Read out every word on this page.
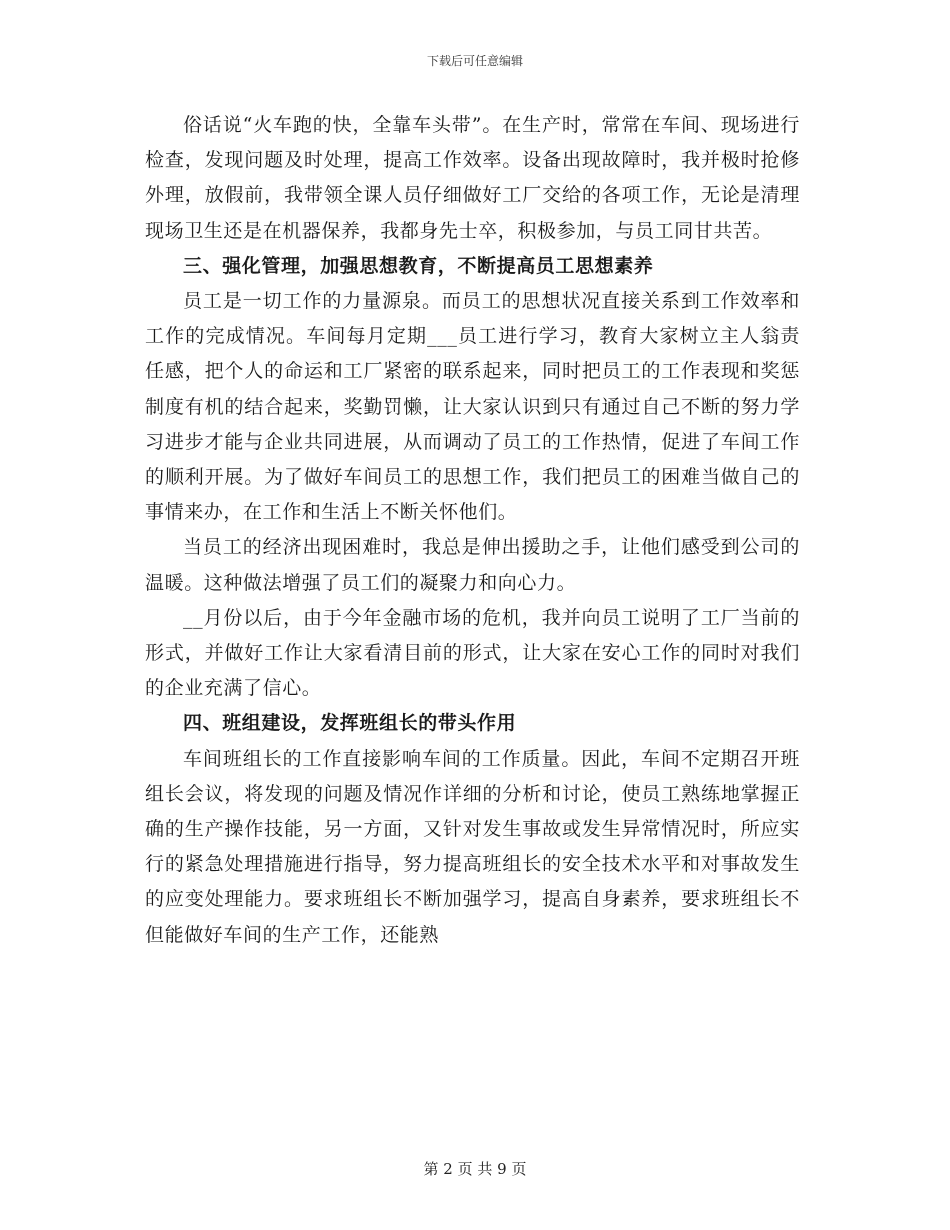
下载后可任意编辑

俗话说“火车跑的快，全靠车头带”。在生产时，常常在车间、现场进行检查，发现问题及时处理，提高工作效率。设备出现故障时，我并极时抢修外理，放假前，我带领全课人员仔细做好工厂交给的各项工作，无论是清理现场卫生还是在机器保养，我都身先士卒，积极参加，与员工同甘共苦。

三、强化管理，加强思想教育，不断提高员工思想素养

员工是一切工作的力量源泉。而员工的思想状况直接关系到工作效率和工作的完成情况。车间每月定期___员工进行学习，教育大家树立主人翁责任感，把个人的命运和工厂紧密的联系起来，同时把员工的工作表现和奖惩制度有机的结合起来，奖勤罚懒，让大家认识到只有通过自己不断的努力学习进步才能与企业共同进展，从而调动了员工的工作热情，促进了车间工作的顺利开展。为了做好车间员工的思想工作，我们把员工的困难当做自己的事情来办，在工作和生活上不断关怀他们。

当员工的经济出现困难时，我总是伸出援助之手，让他们感受到公司的温暖。这种做法增强了员工们的凝聚力和向心力。

__月份以后，由于今年金融市场的危机，我并向员工说明了工厂当前的形式，并做好工作让大家看清目前的形式，让大家在安心工作的同时对我们的企业充满了信心。

四、班组建设，发挥班组长的带头作用

车间班组长的工作直接影响车间的工作质量。因此，车间不定期召开班组长会议，将发现的问题及情况作详细的分析和讨论，使员工熟练地掌握正确的生产操作技能，另一方面，又针对发生事故或发生异常情况时，所应实行的紧急处理措施进行指导，努力提高班组长的安全技术水平和对事故发生的应变处理能力。要求班组长不断加强学习，提高自身素养，要求班组长不但能做好车间的生产工作，还能熟

第 2 页 共 9 页
